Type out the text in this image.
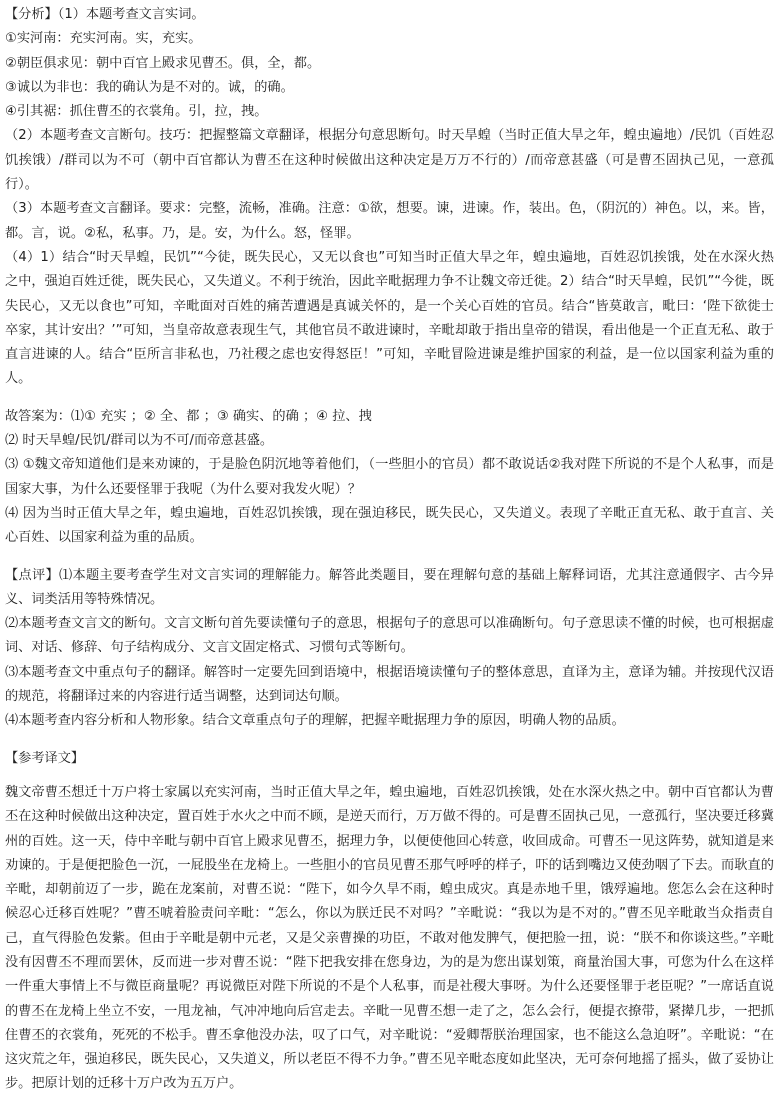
【分析】（1）本题考查文言实词。

①实河南：充实河南。实，充实。

②朝臣俱求见：朝中百官上殿求见曹丕。俱，全，都。

③诚以为非也：我的确认为是不对的。诚，的确。

④引其裾：抓住曹丕的衣裳角。引，拉，拽。

（2）本题考查文言断句。技巧：把握整篇文章翻译，根据分句意思断句。时天旱蝗（当时正值大旱之年，蝗虫遍地）/民饥（百姓忍饥挨饿）/群司以为不可（朝中百官都认为曹丕在这种时候做出这种决定是万万不行的）/而帝意甚盛（可是曹丕固执己见，一意孤行）。

（3）本题考查文言翻译。要求：完整，流畅，准确。注意：①欲，想要。谏，进谏。作，装出。色，（阴沉的）神色。以，来。皆，都。言，说。②私，私事。乃，是。安，为什么。怒，怪罪。

（4）1）结合“时天旱蝗，民饥”“今徒，既失民心，又无以食也”可知当时正值大旱之年，蝗虫遍地，百姓忍饥挨饿，处在水深火热之中，强迫百姓迁徙，既失民心，又失道义。不利于统治，因此辛毗据理力争不让魏文帝迁徙。2）结合“时天旱蝗，民饥”“今徙，既失民心，又无以食也”可知，辛毗面对百姓的痛苦遭遇是真诚关怀的，是一个关心百姓的官员。结合“皆莫敢言，毗曰：‘陛下欲徙士卒家，其计安出？’”可知，当皇帝故意表现生气，其他官员不敢进谏时，辛毗却敢于指出皇帝的错误，看出他是一个正直无私、敢于直言进谏的人。结合“臣所言非私也，乃社稷之虑也安得怒臣！”可知，辛毗冒险进谏是维护国家的利益，是一位以国家利益为重的人。

故答案为：⑴① 充实 ；② 全、都 ；③ 确实、的确 ；④ 拉、拽

⑵ 时天旱蝗/民饥/群司以为不可/而帝意甚盛。

⑶ ①魏文帝知道他们是来劝谏的，于是脸色阴沉地等着他们，（一些胆小的官员）都不敢说话②我对陛下所说的不是个人私事，而是国家大事，为什么还要怪罪于我呢（为什么要对我发火呢）？

⑷ 因为当时正值大旱之年，蝗虫遍地，百姓忍饥挨饿，现在强迫移民，既失民心，又失道义。表现了辛毗正直无私、敢于直言、关心百姓、以国家利益为重的品质。

【点评】⑴本题主要考查学生对文言实词的理解能力。解答此类题目，要在理解句意的基础上解释词语，尤其注意通假字、古今异义、词类活用等特殊情况。

⑵本题考查文言文的断句。文言文断句首先要读懂句子的意思，根据句子的意思可以准确断句。句子意思读不懂的时候，也可根据虚词、对话、修辞、句子结构成分、文言文固定格式、习惯句式等断句。

⑶本题考查文中重点句子的翻译。解答时一定要先回到语境中，根据语境读懂句子的整体意思，直译为主，意译为辅。并按现代汉语的规范，将翻译过来的内容进行适当调整，达到词达句顺。

⑷本题考查内容分析和人物形象。结合文章重点句子的理解，把握辛毗据理力争的原因，明确人物的品质。

【参考译文】

魏文帝曹丕想迁十万户将士家属以充实河南，当时正值大旱之年，蝗虫遍地，百姓忍饥挨饿，处在水深火热之中。朝中百官都认为曹丕在这种时候做出这种决定，置百姓于水火之中而不顾，是逆天而行，万万做不得的。可是曹丕固执己见，一意孤行，坚决要迁移冀州的百姓。这一天，侍中辛毗与朝中百官上殿求见曹丕，据理力争，以便使他回心转意，收回成命。可曹丕一见这阵势，就知道是来劝谏的。于是便把脸色一沉，一屁股坐在龙椅上。一些胆小的官员见曹丕那气呼呼的样子，吓的话到嘴边又使劲咽了下去。而耿直的辛毗，却朝前迈了一步，跪在龙案前，对曹丕说：“陛下，如今久旱不雨，蝗虫成灾。真是赤地千里，饿殍遍地。您怎么会在这种时候忍心迁移百姓呢？”曹丕唬着脸责问辛毗：“怎么，你以为朕迁民不对吗？”辛毗说：“我以为是不对的。”曹丕见辛毗敢当众指责自己，直气得脸色发紫。但由于辛毗是朝中元老，又是父亲曹操的功臣，不敢对他发脾气，便把脸一扭，说：“朕不和你谈这些。”辛毗没有因曹丕不理而罢休，反而进一步对曹丕说：“陛下把我安排在您身边，为的是为您出谋划策，商量治国大事，可您为什么在这样一件重大事情上不与微臣商量呢？再说微臣对陛下所说的不是个人私事，而是社稷大事呀。为什么还要怪罪于老臣呢？”一席话直说的曹丕在龙椅上坐立不安，一甩龙袖，气冲冲地向后宫走去。辛毗一见曹丕想一走了之，怎么会行，便提衣撩带，紧撵几步，一把抓住曹丕的衣裳角，死死的不松手。曹丕拿他没办法，叹了口气，对辛毗说：“爱卿帮朕治理国家，也不能这么急迫呀”。辛毗说：“在这灾荒之年，强迫移民，既失民心，又失道义，所以老臣不得不力争。”曹丕见辛毗态度如此坚决，无可奈何地摇了摇头，做了妥协让步。把原计划的迁移十万户改为五万户。
